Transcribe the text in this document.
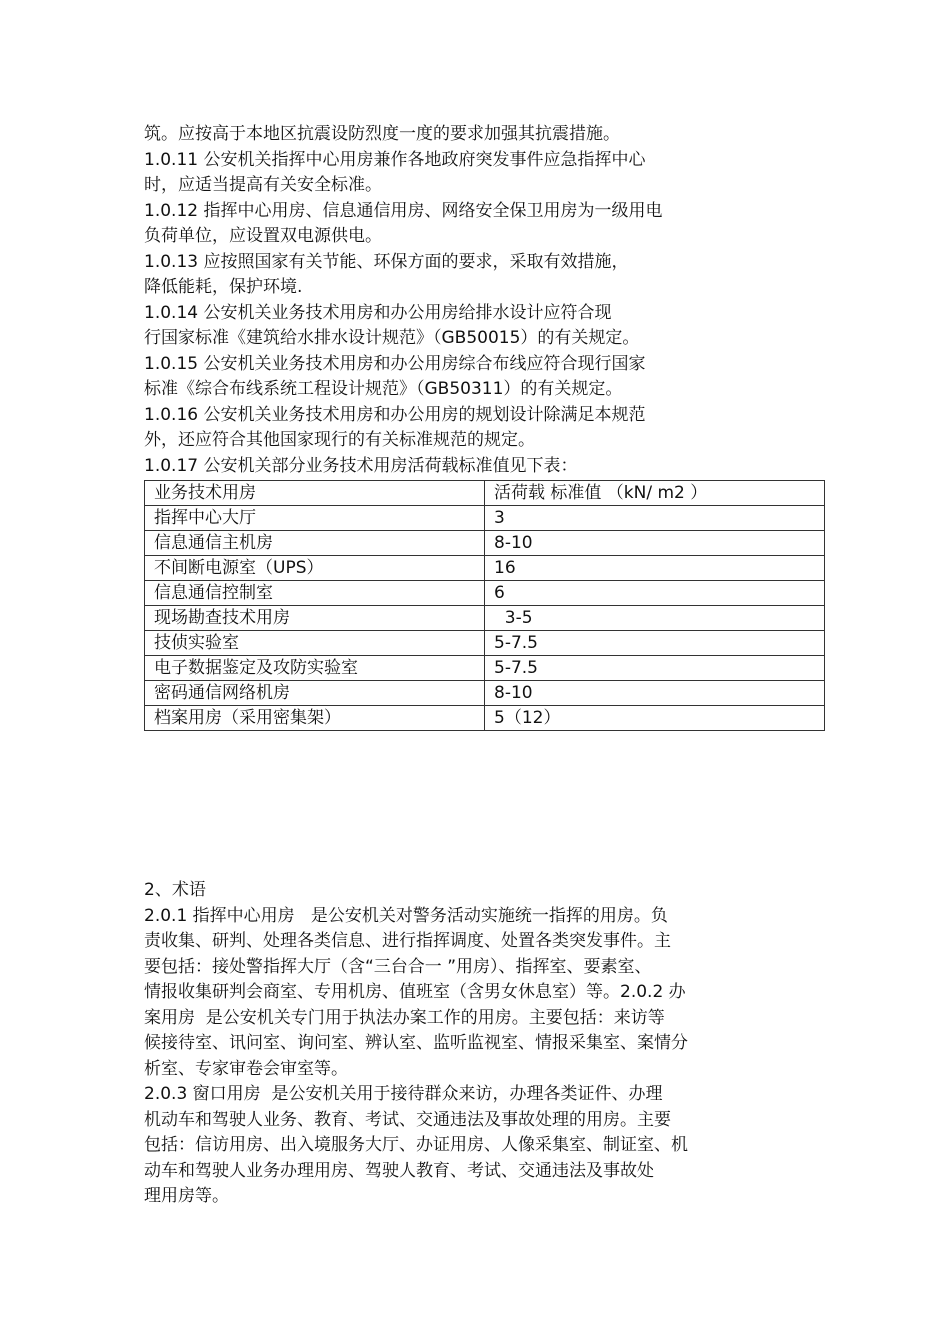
筑。应按高于本地区抗震设防烈度一度的要求加强其抗震措施。

1.0.11 公安机关指挥中心用房兼作各地政府突发事件应急指挥中心
时，应适当提高有关安全标准。

1.0.12 指挥中心用房、信息通信用房、网络安全保卫用房为一级用电
负荷单位，应设置双电源供电。

1.0.13 应按照国家有关节能、环保方面的要求，采取有效措施，
降低能耗，保护环境.

1.0.14 公安机关业务技术用房和办公用房给排水设计应符合现
行国家标准《建筑给水排水设计规范》（GB50015）的有关规定。

1.0.15 公安机关业务技术用房和办公用房综合布线应符合现行国家
标准《综合布线系统工程设计规范》（GB50311）的有关规定。

1.0.16 公安机关业务技术用房和办公用房的规划设计除满足本规范
外，还应符合其他国家现行的有关标准规范的规定。

1.0.17 公安机关部分业务技术用房活荷载标准值见下表：

业务技术用房	活荷载 标准值 （kN/ m2 ）
指挥中心大厅	3
信息通信主机房	8-10
不间断电源室（UPS）	16
信息通信控制室	6
现场勘查技术用房	3-5
技侦实验室	5-7.5
电子数据鉴定及攻防实验室	5-7.5
密码通信网络机房	8-10
档案用房（采用密集架）	5（12）

2、术语

2.0.1 指挥中心用房   是公安机关对警务活动实施统一指挥的用房。负
责收集、研判、处理各类信息、进行指挥调度、处置各类突发事件。主
要包括：接处警指挥大厅（含“三台合一 ”用房）、指挥室、要素室、
情报收集研判会商室、专用机房、值班室（含男女休息室）等。2.0.2 办
案用房  是公安机关专门用于执法办案工作的用房。主要包括：来访等
候接待室、讯问室、询问室、辨认室、监听监视室、情报采集室、案情分
析室、专家审卷会审室等。

2.0.3 窗口用房  是公安机关用于接待群众来访，办理各类证件、办理
机动车和驾驶人业务、教育、考试、交通违法及事故处理的用房。主要
包括：信访用房、出入境服务大厅、办证用房、人像采集室、制证室、机
动车和驾驶人业务办理用房、驾驶人教育、考试、交通违法及事故处
理用房等。
